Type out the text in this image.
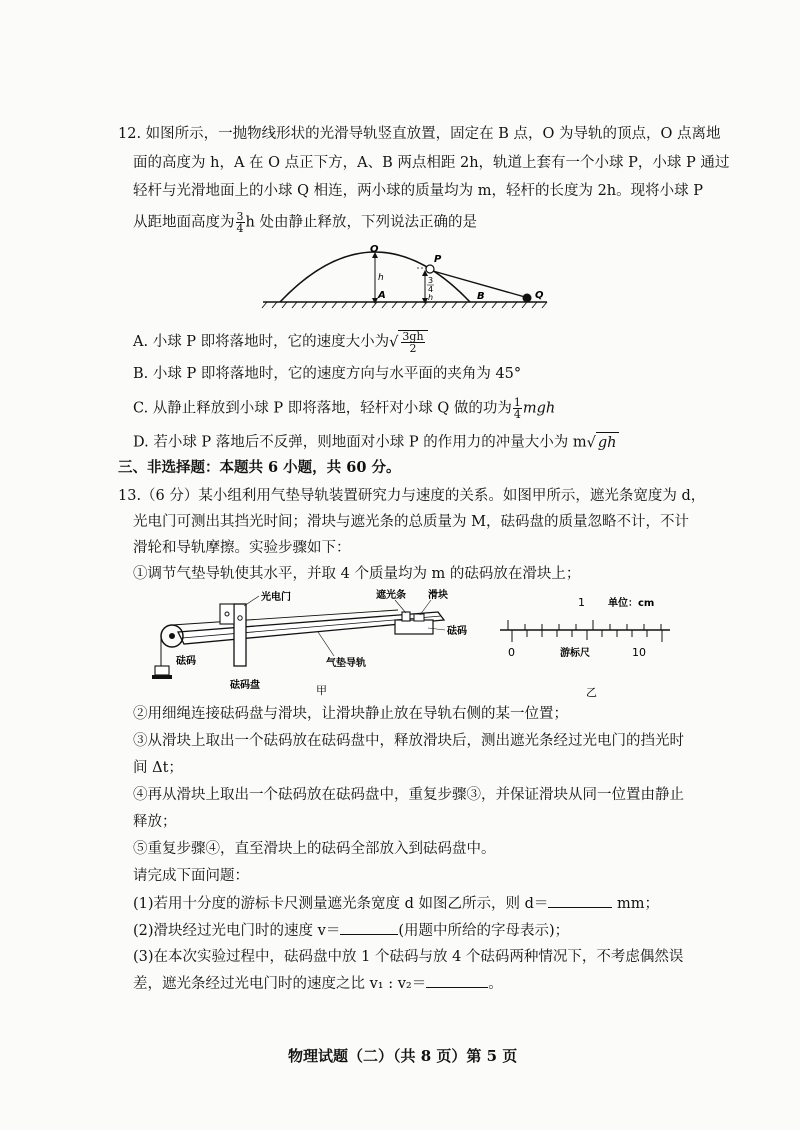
12. 如图所示，一抛物线形状的光滑导轨竖直放置，固定在 B 点，O 为导轨的顶点，O 点离地
面的高度为 h，A 在 O 点正下方，A、B 两点相距 2h，轨道上套有一个小球 P，小球 P 通过
轻杆与光滑地面上的小球 Q 相连，两小球的质量均为 m，轻杆的长度为 2h。现将小球 P
从距地面高度为 $\frac{3}{4}$ h 处由静止释放，下列说法正确的是
O
P
A
h	3
4
h	B	Q
A. 小球 P 即将落地时，它的速度大小为√ $\frac{3gh}{2}$
B. 小球 P 即将落地时，它的速度方向与水平面的夹角为 45°
C. 从静止释放到小球 P 即将落地，轻杆对小球 Q 做的功为 $\frac{1}{4}$ mgh
D. 若小球 P 落地后不反弹，则地面对小球 P 的作用力的冲量大小为 m√ gh
三、非选择题：本题共 6 小题，共 60 分。
13.（6 分）某小组利用气垫导轨装置研究力与速度的关系。如图甲所示，遮光条宽度为 d，
光电门可测出其挡光时间；滑块与遮光条的总质量为 M，砝码盘的质量忽略不计，不计
滑轮和导轨摩擦。实验步骤如下：
①调节气垫导轨使其水平，并取 4 个质量均为 m 的砝码放在滑块上；
光电门	遮光条 滑块
砝码
砝码	气垫导轨
砝码盘	甲
1 单位：cm
0	游标尺	10
乙
②用细绳连接砝码盘与滑块，让滑块静止放在导轨右侧的某一位置；
③从滑块上取出一个砝码放在砝码盘中，释放滑块后，测出遮光条经过光电门的挡光时
间 Δt；
④再从滑块上取出一个砝码放在砝码盘中，重复步骤③，并保证滑块从同一位置由静止
释放；
⑤重复步骤④，直至滑块上的砝码全部放入到砝码盘中。
请完成下面问题：
(1)若用十分度的游标卡尺测量遮光条宽度 d 如图乙所示，则 d＝	mm；
(2)滑块经过光电门时的速度 v＝	(用题中所给的字母表示)；
(3)在本次实验过程中，砝码盘中放 1 个砝码与放 4 个砝码两种情况下，不考虑偶然误
差，遮光条经过光电门时的速度之比 v₁ : v₂＝	。
物理试题（二）（共 8 页）第 5 页
